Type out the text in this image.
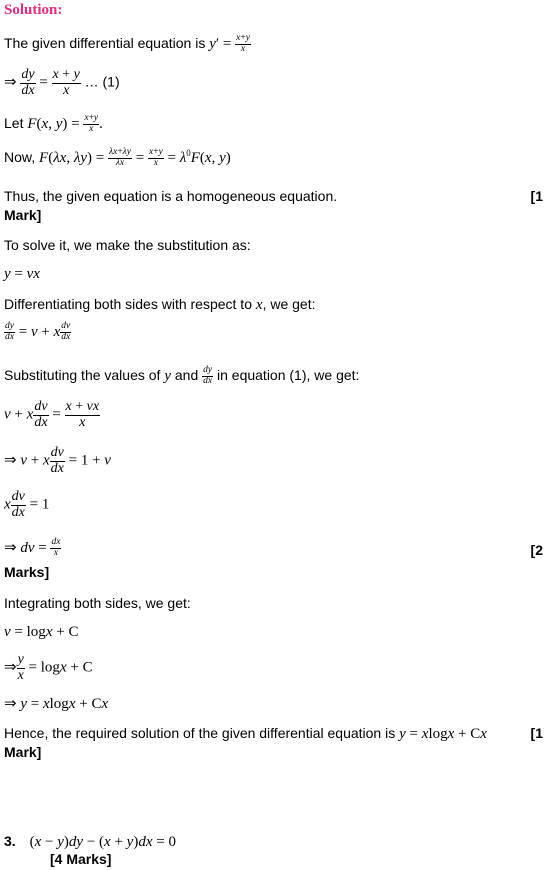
Solution:
The given differential equation is $y' = \frac{x+y}{x}$
⇒ $\frac{dy}{dx} = \frac{x + y}{x}$ … (1)
Let F(x, $y) = \frac{x+y}{x}$ .
Now, F(λx, $\lambda y) = \frac{\lambda x+\lambda y}{\lambda x} = \frac{x+y}{x} = \lambda^0F(x$, y)
Thus, the given equation is a homogeneous equation.	[1
Mark]
To solve it, we make the substitution as:
y = vx
Differentiating both sides with respect to x, we get:
$\frac{dy}{dx} = v + x \frac{dv}{dx}$
Substituting the values of y and $\frac{dy}{dx}$ in equation (1), we get:
v + x $\frac{dv}{dx} = \frac{x + vx}{x}$
⇒ v + x $\frac{dv}{dx} = 1 + v$
x $\frac{dv}{dx} = 1$
⇒ dv = $\frac{dx}{x}$	[2
Marks]
Integrating both sides, we get:
v = logx + C
⇒ $\frac{y}{x} = \log x + C$
⇒ y = xlogx + Cx
Hence, the required solution of the given differential equation is y = xlogx + Cx	[1
Mark]
3. (x − y)dy − (x + y)dx = 0
[4 Marks]
